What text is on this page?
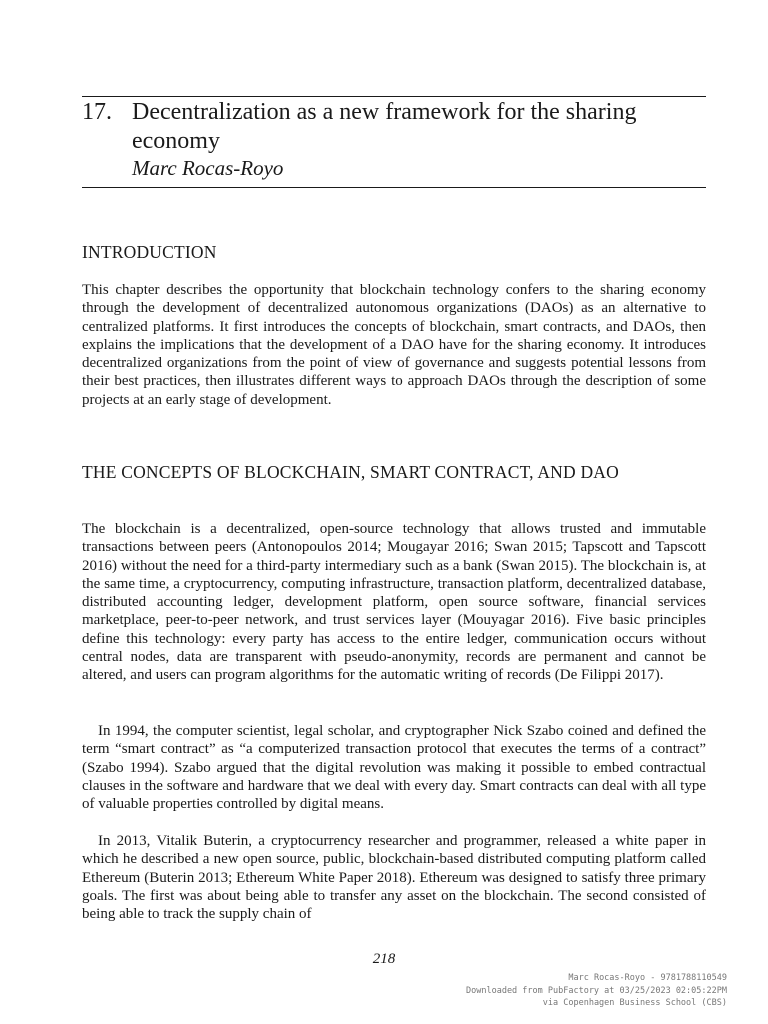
17. Decentralization as a new framework for the sharing economy
Marc Rocas-Royo
INTRODUCTION

This chapter describes the opportunity that blockchain technology confers to the sharing economy through the development of decentralized autonomous organizations (DAOs) as an alternative to centralized platforms. It first introduces the concepts of blockchain, smart contracts, and DAOs, then explains the implications that the development of a DAO have for the sharing economy. It introduces decentralized organizations from the point of view of governance and suggests potential lessons from their best practices, then illustrates different ways to approach DAOs through the description of some projects at an early stage of development.

THE CONCEPTS OF BLOCKCHAIN, SMART CONTRACT, AND DAO

The blockchain is a decentralized, open-source technology that allows trusted and immutable transactions between peers (Antonopoulos 2014; Mougayar 2016; Swan 2015; Tapscott and Tapscott 2016) without the need for a third-party intermediary such as a bank (Swan 2015). The blockchain is, at the same time, a cryptocurrency, computing infrastructure, transaction platform, decentralized database, distributed accounting ledger, development platform, open source software, financial services marketplace, peer-to-peer network, and trust services layer (Mouyagar 2016). Five basic principles define this technology: every party has access to the entire ledger, communication occurs without central nodes, data are transparent with pseudo-anonymity, records are permanent and cannot be altered, and users can program algorithms for the automatic writing of records (De Filippi 2017).

In 1994, the computer scientist, legal scholar, and cryptographer Nick Szabo coined and defined the term “smart contract” as “a computerized transaction protocol that executes the terms of a contract” (Szabo 1994). Szabo argued that the digital revolution was making it possible to embed contractual clauses in the software and hardware that we deal with every day. Smart contracts can deal with all type of valuable properties controlled by digital means.

In 2013, Vitalik Buterin, a cryptocurrency researcher and programmer, released a white paper in which he described a new open source, public, blockchain-based distributed computing platform called Ethereum (Buterin 2013; Ethereum White Paper 2018). Ethereum was designed to satisfy three primary goals. The first was about being able to transfer any asset on the blockchain. The second consisted of being able to track the supply chain of

218
Marc Rocas-Royo - 9781788110549
Downloaded from PubFactory at 03/25/2023 02:05:22PM
via Copenhagen Business School (CBS)
